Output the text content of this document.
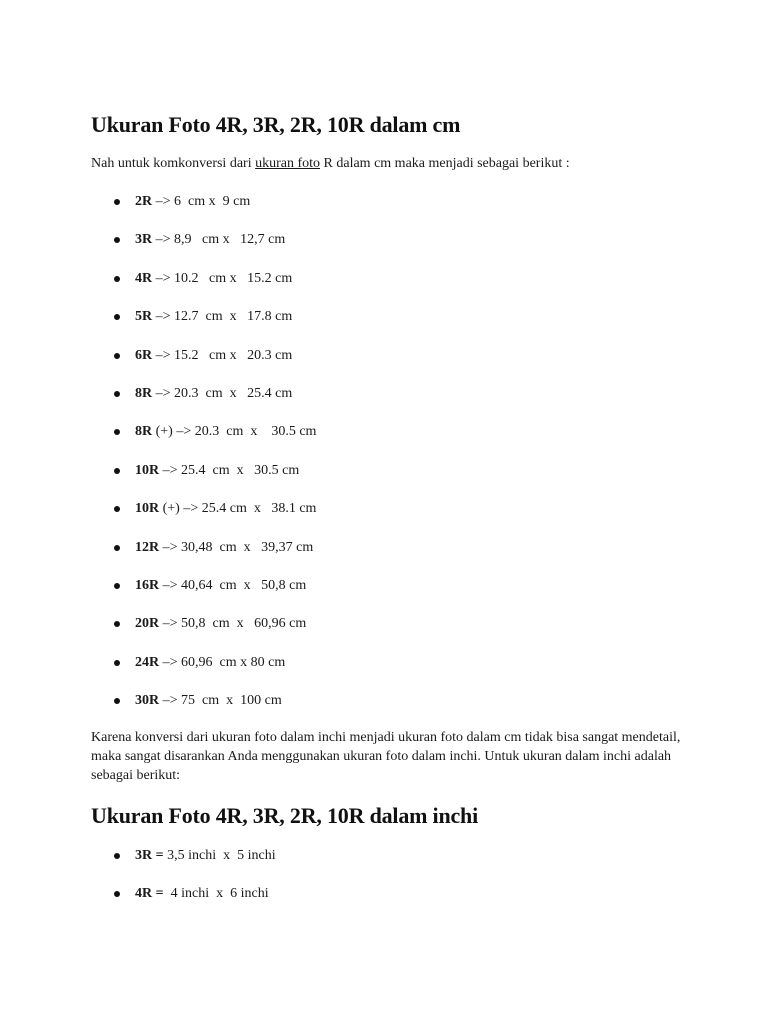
Ukuran Foto 4R, 3R, 2R, 10R dalam cm
Nah untuk komkonversi dari ukuran foto R dalam cm maka menjadi sebagai berikut :
2R –> 6  cm x  9 cm
3R –> 8,9   cm x   12,7 cm
4R –> 10.2   cm x   15.2 cm
5R –> 12.7  cm  x   17.8 cm
6R –> 15.2   cm x   20.3 cm
8R –> 20.3  cm  x   25.4 cm
8R (+) –> 20.3  cm  x    30.5 cm
10R –> 25.4  cm  x   30.5 cm
10R (+) –> 25.4 cm  x   38.1 cm
12R –> 30,48  cm  x   39,37 cm
16R –> 40,64  cm  x   50,8 cm
20R –> 50,8  cm  x   60,96 cm
24R –> 60,96  cm x 80 cm
30R –> 75  cm  x  100 cm
Karena konversi dari ukuran foto dalam inchi menjadi ukuran foto dalam cm tidak bisa sangat mendetail, maka sangat disarankan Anda menggunakan ukuran foto dalam inchi. Untuk ukuran dalam inchi adalah sebagai berikut:
Ukuran Foto 4R, 3R, 2R, 10R dalam inchi
3R = 3,5 inchi  x  5 inchi
4R =  4 inchi  x  6 inchi
